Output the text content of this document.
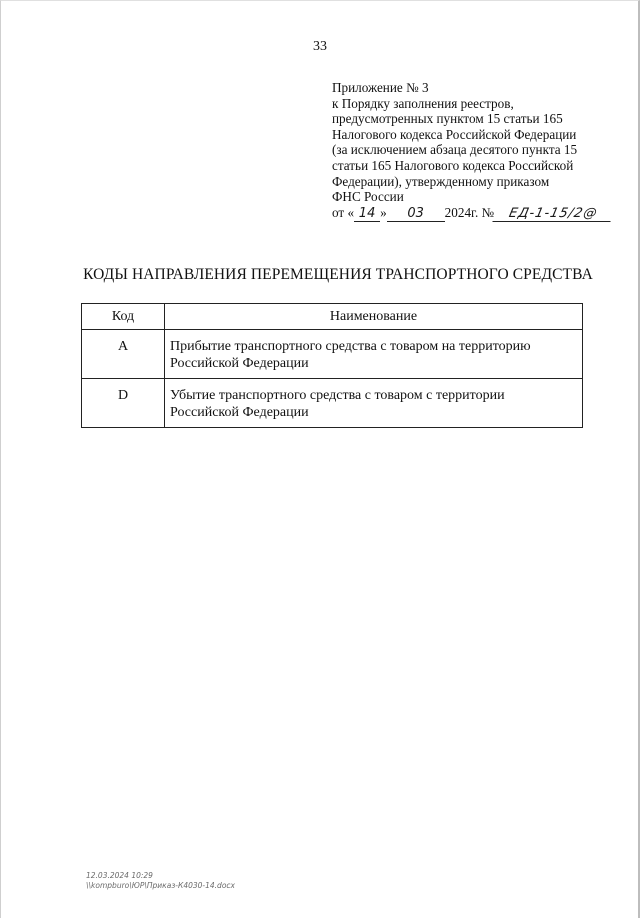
33
Приложение № 3
к Порядку заполнения реестров,
предусмотренных пунктом 15 статьи 165
Налогового кодекса Российской Федерации
(за исключением абзаца десятого пункта 15
статьи 165 Налогового кодекса Российской
Федерации), утвержденному приказом
ФНС России
от « 14 » 03 2024г. № ЕД-1-15/2@
КОДЫ НАПРАВЛЕНИЯ ПЕРЕМЕЩЕНИЯ ТРАНСПОРТНОГО СРЕДСТВА
Код	Наименование
A	Прибытие транспортного средства с товаром на территорию
Российской Федерации
D	Убытие транспортного средства с товаром с территории
Российской Федерации
12.03.2024 10:29
\\kompburo\ЮР\Приказ-К4030-14.docx
